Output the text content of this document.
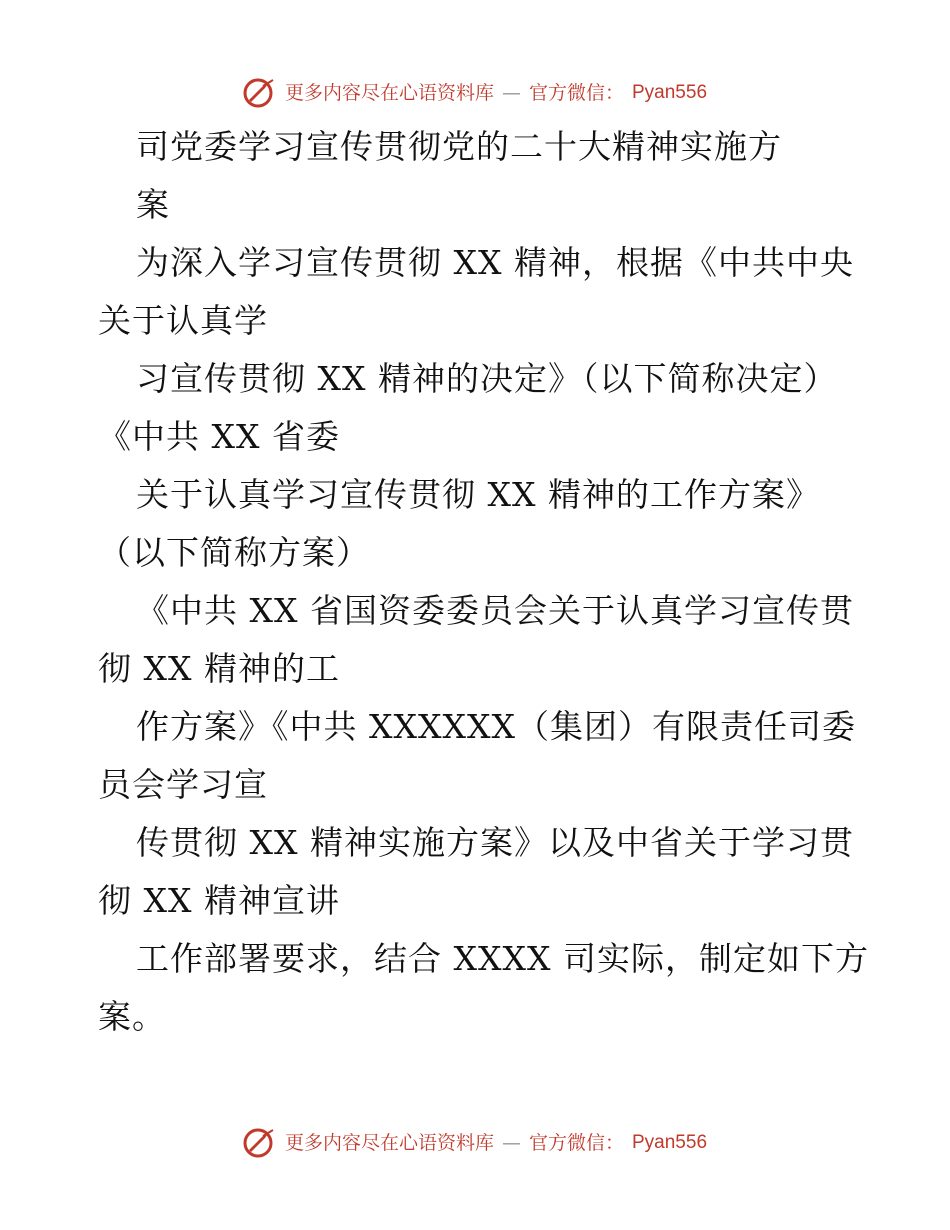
更多内容尽在心语资料库 — 官方微信： Pyan556
司党委学习宣传贯彻党的二十大精神实施方
案
为深入学习宣传贯彻 XX 精神，根据《中共中央
关于认真学
习宣传贯彻 XX 精神的决定》（以下简称决定）
《中共 XX 省委
关于认真学习宣传贯彻 XX 精神的工作方案》
（以下简称方案）
《中共 XX 省国资委委员会关于认真学习宣传贯
彻 XX 精神的工
作方案》《中共 XXXXXX（集团）有限责任司委
员会学习宣
传贯彻 XX 精神实施方案》以及中省关于学习贯
彻 XX 精神宣讲
工作部署要求，结合 XXXX 司实际，制定如下方
案。
更多内容尽在心语资料库 — 官方微信： Pyan556
